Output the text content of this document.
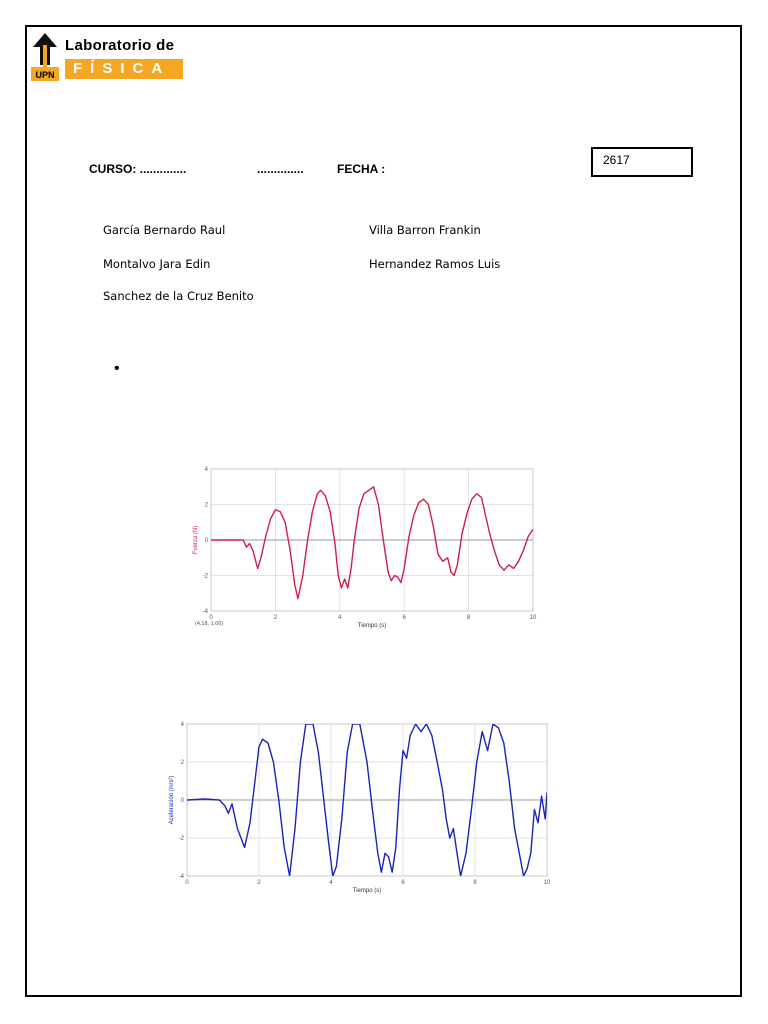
UPN
Laboratorio de
FÍSICA
CURSO: ..............	..............	FECHA :
2617
García Bernardo Raul
Montalvo Jara Edin
Sanchez de la Cruz Benito
Villa Barron Frankin
Hernandez Ramos Luis
•
0	2	4	6	8	10
-4
-2
0
2
4
Tiempo (s)
Fuerza (N)
(4.18, 1.66)
0	2	4	6	8	10
-4
-2
0
2
4
Tiempo (s)
Aceleración (m/s²)
